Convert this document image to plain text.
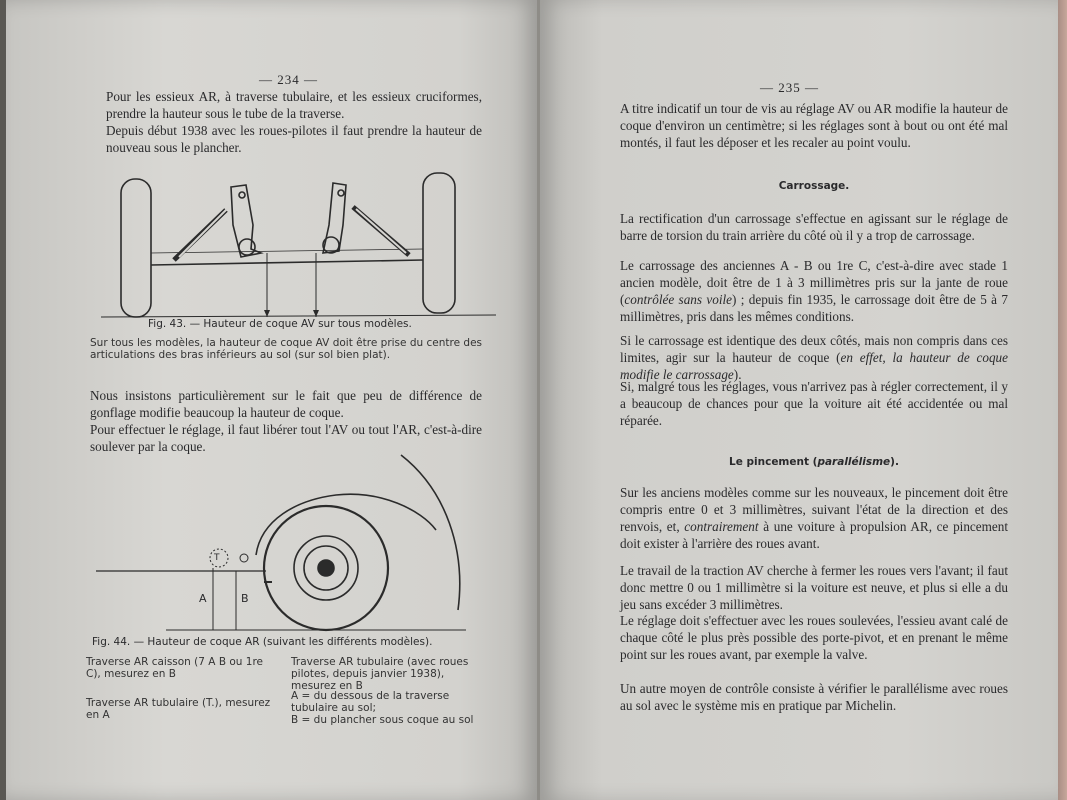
— 234 —

Pour les essieux AR, à traverse tubulaire, et les essieux cruciformes, prendre la hauteur sous le tube de la traverse.

Depuis début 1938 avec les roues-pilotes il faut prendre la hauteur de nouveau sous le plancher.

Fig. 43. — Hauteur de coque AV sur tous modèles.
Sur tous les modèles, la hauteur de coque AV doit être prise du centre des articulations des bras inférieurs au sol (sur sol bien plat).

Nous insistons particulièrement sur le fait que peu de différence de gonflage modifie beaucoup la hauteur de coque.

Pour effectuer le réglage, il faut libérer tout l'AV ou tout l'AR, c'est-à-dire soulever par la coque.

T
A	B
Fig. 44. — Hauteur de coque AR (suivant les différents modèles).
Traverse AR caisson (7 A B ou 1re C), mesurez en B
Traverse AR tubulaire (T.), mesurez en A
Traverse AR tubulaire (avec roues pilotes, depuis janvier 1938), mesurez en B
A = du dessous de la traverse tubulaire au sol;
B = du plancher sous coque au sol
— 235 —

A titre indicatif un tour de vis au réglage AV ou AR modifie la hauteur de coque d'environ un centimètre; si les réglages sont à bout ou ont été mal montés, il faut les déposer et les recaler au point voulu.

Carrossage.

La rectification d'un carrossage s'effectue en agissant sur le réglage de barre de torsion du train arrière du côté où il y a trop de carrossage.

Le carrossage des anciennes A - B ou 1re C, c'est-à-dire avec stade 1 ancien modèle, doit être de 1 à 3 millimètres pris sur la jante de roue (contrôlée sans voile) ; depuis fin 1935, le carrossage doit être de 5 à 7 millimètres, pris dans les mêmes conditions.

Si le carrossage est identique des deux côtés, mais non compris dans ces limites, agir sur la hauteur de coque (en effet, la hauteur de coque modifie le carrossage).

Si, malgré tous les réglages, vous n'arrivez pas à régler correctement, il y a beaucoup de chances pour que la voiture ait été accidentée ou mal réparée.

Le pincement (parallélisme).

Sur les anciens modèles comme sur les nouveaux, le pincement doit être compris entre 0 et 3 millimètres, suivant l'état de la direction et des renvois, et, contrairement à une voiture à propulsion AR, ce pincement doit exister à l'arrière des roues avant.

Le travail de la traction AV cherche à fermer les roues vers l'avant; il faut donc mettre 0 ou 1 millimètre si la voiture est neuve, et plus si elle a du jeu sans excéder 3 millimètres.

Le réglage doit s'effectuer avec les roues soulevées, l'essieu avant calé de chaque côté le plus près possible des porte-pivot, et en prenant le même point sur les roues avant, par exemple la valve.

Un autre moyen de contrôle consiste à vérifier le parallélisme avec roues au sol avec le système mis en pratique par Michelin.
